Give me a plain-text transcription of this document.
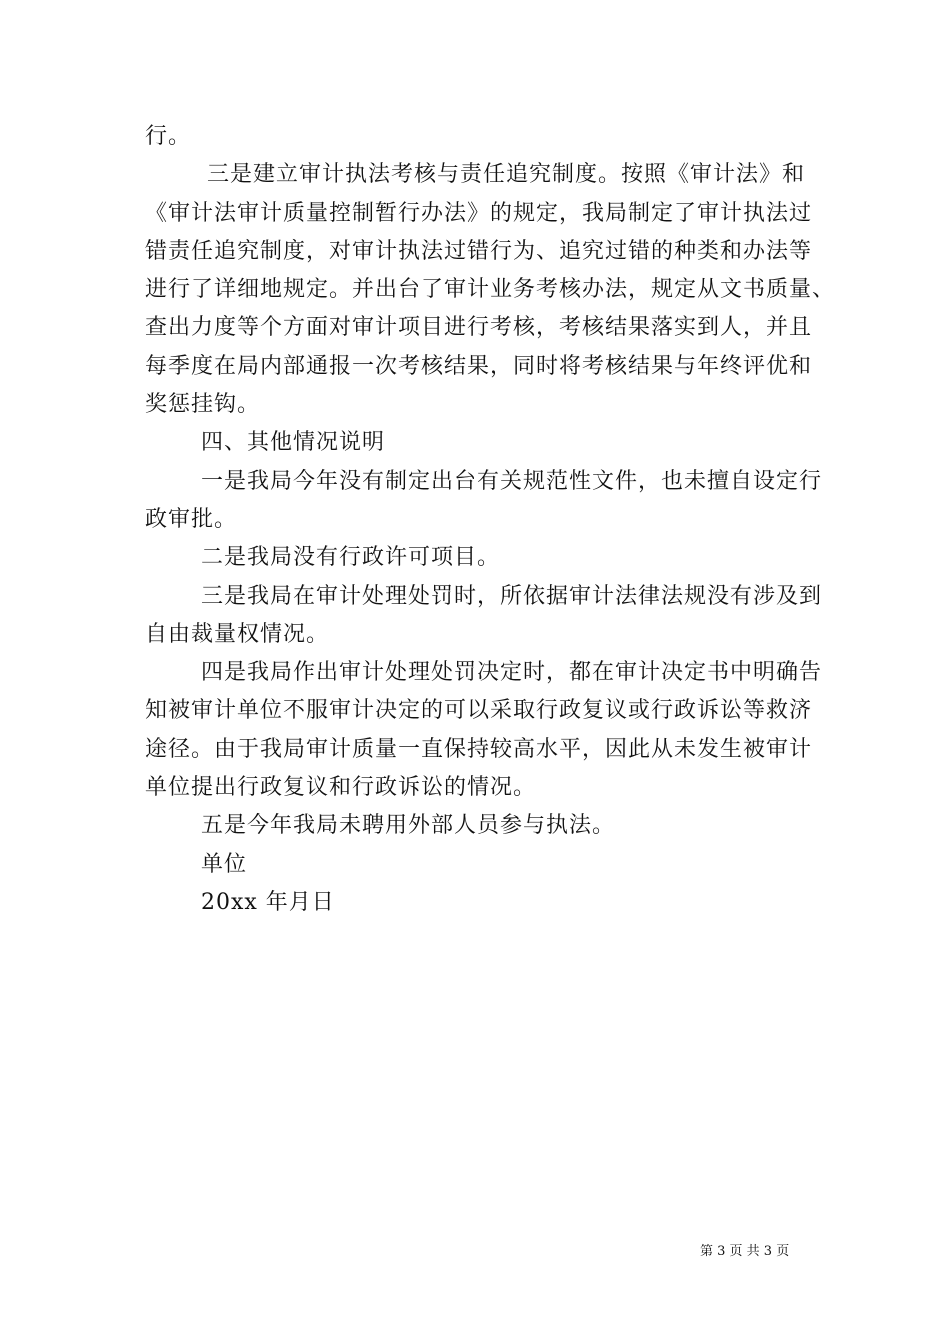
行。

三是建立审计执法考核与责任追究制度。按照《审计法》和

《审计法审计质量控制暂行办法》的规定，我局制定了审计执法过

错责任追究制度，对审计执法过错行为、追究过错的种类和办法等

进行了详细地规定。并出台了审计业务考核办法，规定从文书质量、

查出力度等个方面对审计项目进行考核，考核结果落实到人，并且

每季度在局内部通报一次考核结果，同时将考核结果与年终评优和

奖惩挂钩。

四、其他情况说明

一是我局今年没有制定出台有关规范性文件，也未擅自设定行

政审批。

二是我局没有行政许可项目。

三是我局在审计处理处罚时，所依据审计法律法规没有涉及到

自由裁量权情况。

四是我局作出审计处理处罚决定时，都在审计决定书中明确告

知被审计单位不服审计决定的可以采取行政复议或行政诉讼等救济

途径。由于我局审计质量一直保持较高水平，因此从未发生被审计

单位提出行政复议和行政诉讼的情况。

五是今年我局未聘用外部人员参与执法。

单位

20xx 年月日

第 3 页 共 3 页
